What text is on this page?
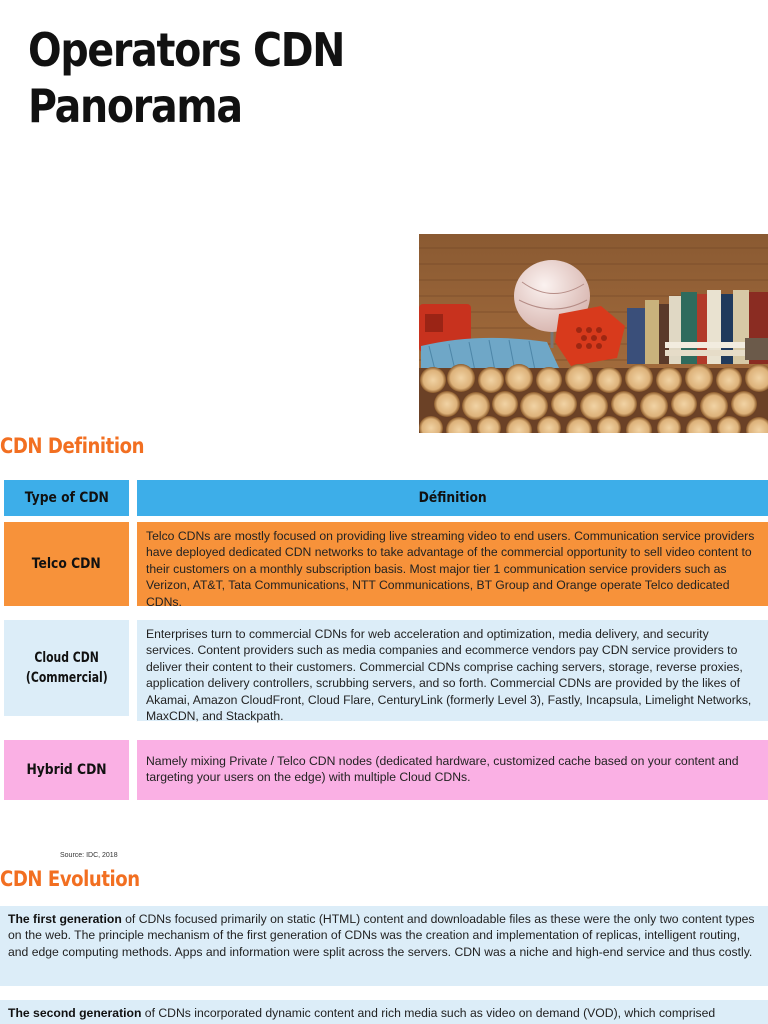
Operators CDN
Panorama
CDN Definition
Type of CDN	Définition
Telco CDN
Telco CDNs are mostly focused on providing live streaming video to end users. Communication service providers have deployed dedicated CDN networks to take advantage of the commercial opportunity to sell video content to their customers on a monthly subscription basis. Most major tier 1 communication service providers such as Verizon, AT&T, Tata Communications, NTT Communications, BT Group and Orange operate Telco dedicated CDNs.
Cloud CDN
(Commercial)
Enterprises turn to commercial CDNs for web acceleration and optimization, media delivery, and security services. Content providers such as media companies and ecommerce vendors pay CDN service providers to deliver their content to their customers. Commercial CDNs comprise caching servers, storage, reverse proxies, application delivery controllers, scrubbing servers, and so forth. Commercial CDNs are provided by the likes of Akamai, Amazon CloudFront, Cloud Flare, CenturyLink (formerly Level 3), Fastly, Incapsula, Limelight Networks, MaxCDN, and Stackpath.
Hybrid CDN
Namely mixing Private / Telco CDN nodes (dedicated hardware, customized cache based on your content and targeting your users on the edge) with multiple Cloud CDNs.
Source: IDC, 2018
CDN Evolution
The first generation of CDNs focused primarily on static (HTML) content and downloadable files as these were the only two content types on the web. The principle mechanism of the first generation of CDNs was the creation and implementation of replicas, intelligent routing, and edge computing methods. Apps and information were split across the servers. CDN was a niche and high-end service and thus costly.
The second generation of CDNs incorporated dynamic content and rich media such as video on demand (VOD), which comprised
